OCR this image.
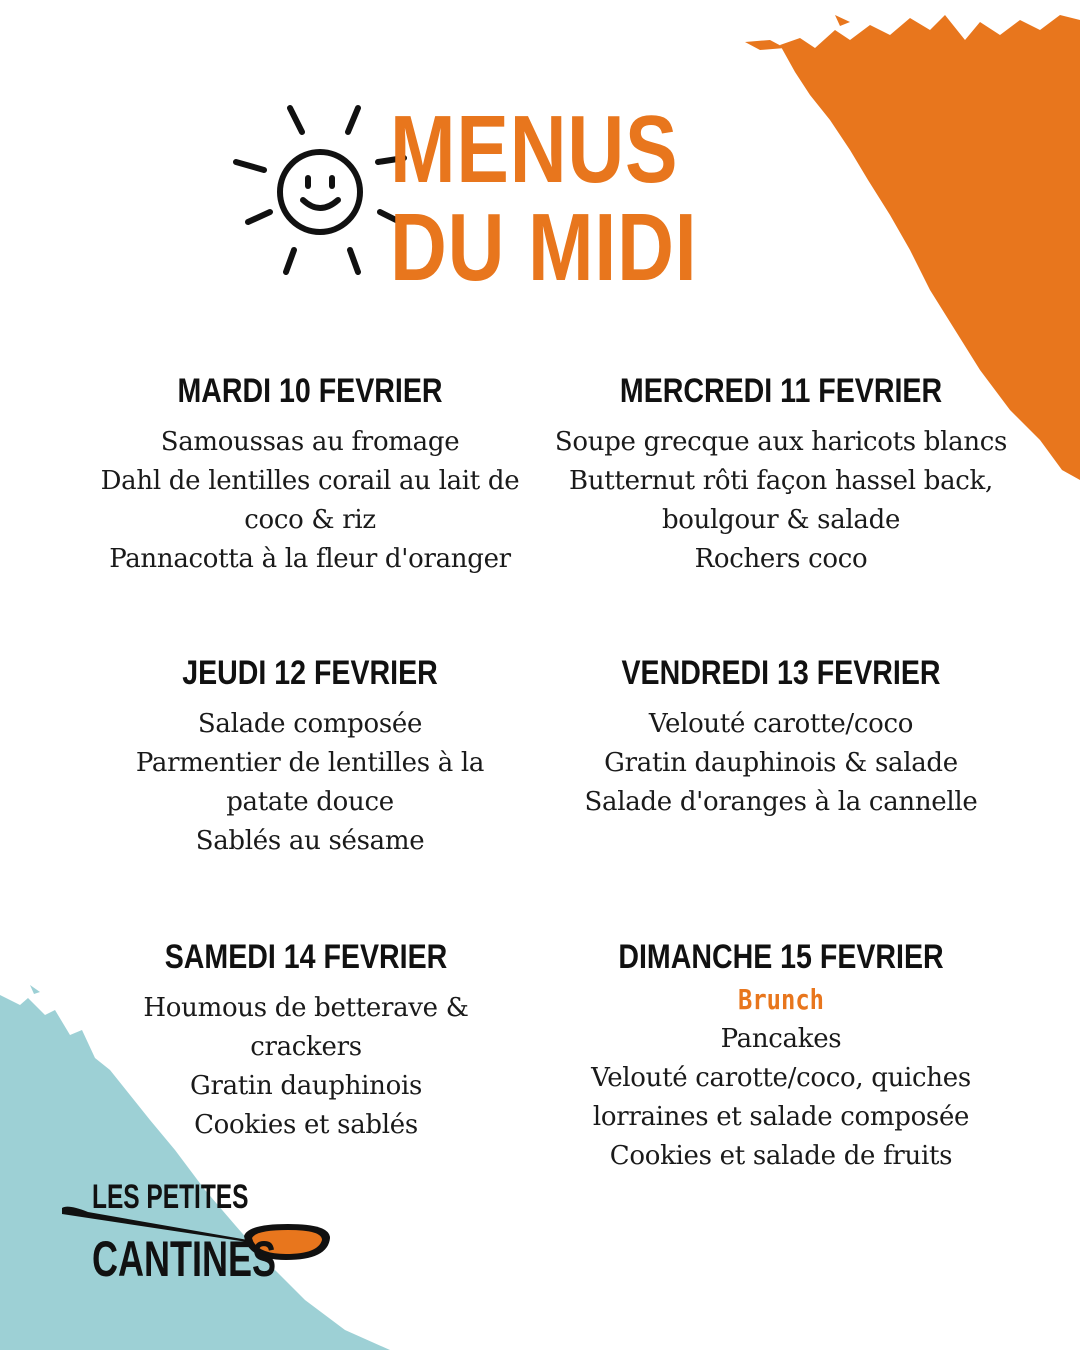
MENUS
DU MIDI
MARDI 10 FEVRIER
Samoussas au fromage
Dahl de lentilles corail au lait de
coco & riz
Pannacotta à la fleur d'oranger
MERCREDI 11 FEVRIER
Soupe grecque aux haricots blancs
Butternut rôti façon hassel back,
boulgour & salade
Rochers coco
JEUDI 12 FEVRIER
Salade composée
Parmentier de lentilles à la
patate douce
Sablés au sésame
VENDREDI 13 FEVRIER
Velouté carotte/coco
Gratin dauphinois & salade
Salade d'oranges à la cannelle
SAMEDI 14 FEVRIER
Houmous de betterave &
crackers
Gratin dauphinois
Cookies et sablés
DIMANCHE 15 FEVRIER
Brunch
Pancakes
Velouté carotte/coco, quiches
lorraines et salade composée
Cookies et salade de fruits
LES PETITES
CANTINES
